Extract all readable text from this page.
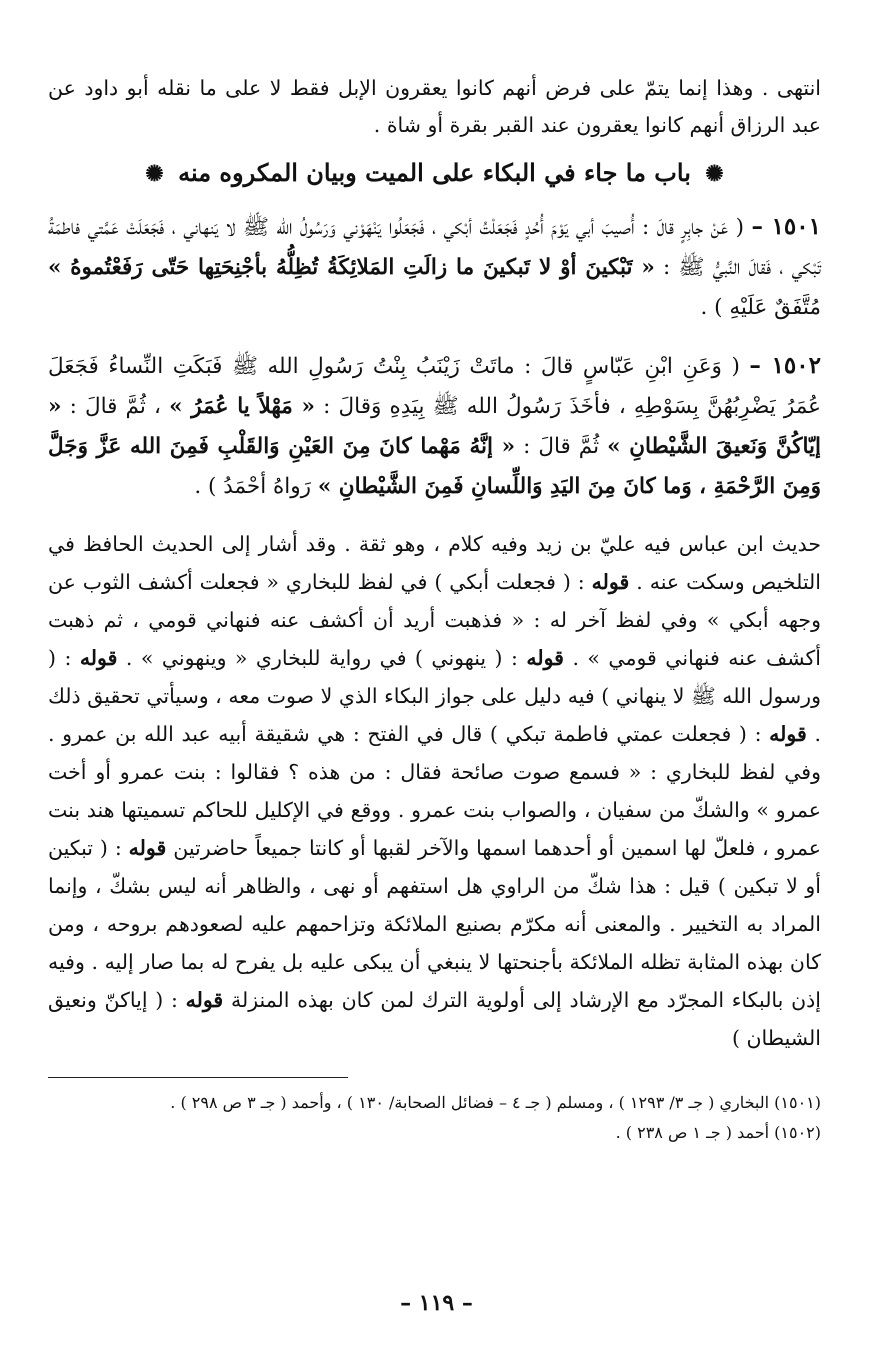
انتهى . وهذا إنما يتمّ على فرض أنهم كانوا يعقرون الإبل فقط لا على ما نقله أبو داود عن عبد الرزاق أنهم كانوا يعقرون عند القبر بقرة أو شاة .

✺ باب ما جاء في البكاء على الميت وبيان المكروه منه ✺

١٥٠١ – ( عَنْ جابِرٍ قالَ : أُصيبَ أبي يَوْمَ أُحُدٍ فَجَعَلْتُ أبْكي ، فَجَعَلُوا يَنْهَوْني وَرَسُولُ الله ﷺ لا يَنهاني ، فَجَعَلَتْ عَمَّتي فاطمَةُ تَبْكي ، فَقالَ النَّبيُّ ﷺ : « تَبْكينَ أوْ لا تَبكينَ ما زالَتِ المَلائِكَةُ تُظِلُّهُ بأجْنِحَتِها حَتّى رَفَعْتُموهُ » مُتَّفَقٌ عَلَيْهِ ) .

١٥٠٢ – ( وَعَنِ ابْنِ عَبّاسٍ قالَ : ماتَتْ زَيْنَبُ بِنْتُ رَسُولِ الله ﷺ فَبَكَتِ النِّساءُ فَجَعَلَ عُمَرُ يَضْرِبُهُنَّ بِسَوْطِهِ ، فأخَذَ رَسُولُ الله ﷺ بِيَدِهِ وَقالَ : « مَهْلاً يا عُمَرُ » ، ثُمَّ قالَ : « إيّاكُنَّ وَنَعيقَ الشَّيْطانِ » ثُمَّ قالَ : « إنَّهُ مَهْما كانَ مِنَ العَيْنِ وَالقَلْبِ فَمِنَ الله عَزَّ وَجَلَّ وَمِنَ الرَّحْمَةِ ، وَما كانَ مِنَ اليَدِ وَاللِّسانِ فَمِنَ الشَّيْطانِ » رَواهُ أحْمَدُ ) .

حديث ابن عباس فيه عليّ بن زيد وفيه كلام ، وهو ثقة . وقد أشار إلى الحديث الحافظ في التلخيص وسكت عنه . قوله : ( فجعلت أبكي ) في لفظ للبخاري « فجعلت أكشف الثوب عن وجهه أبكي » وفي لفظ آخر له : « فذهبت أريد أن أكشف عنه فنهاني قومي ، ثم ذهبت أكشف عنه فنهاني قومي » . قوله : ( ينهوني ) في رواية للبخاري « وينهوني » . قوله : ( ورسول الله ﷺ لا ينهاني ) فيه دليل على جواز البكاء الذي لا صوت معه ، وسيأتي تحقيق ذلك . قوله : ( فجعلت عمتي فاطمة تبكي ) قال في الفتح : هي شقيقة أبيه عبد الله بن عمرو . وفي لفظ للبخاري : « فسمع صوت صائحة فقال : من هذه ؟ فقالوا : بنت عمرو أو أخت عمرو » والشكّ من سفيان ، والصواب بنت عمرو . ووقع في الإكليل للحاكم تسميتها هند بنت عمرو ، فلعلّ لها اسمين أو أحدهما اسمها والآخر لقبها أو كانتا جميعاً حاضرتين قوله : ( تبكين أو لا تبكين ) قيل : هذا شكّ من الراوي هل استفهم أو نهى ، والظاهر أنه ليس بشكّ ، وإنما المراد به التخيير . والمعنى أنه مكرّم بصنيع الملائكة وتزاحمهم عليه لصعودهم بروحه ، ومن كان بهذه المثابة تظله الملائكة بأجنحتها لا ينبغي أن يبكى عليه بل يفرح له بما صار إليه . وفيه إذن بالبكاء المجرّد مع الإرشاد إلى أولوية الترك لمن كان بهذه المنزلة قوله : ( إياكنّ ونعيق الشيطان )

(١٥٠١) البخاري ( جـ ٣/ ١٢٩٣ ) ، ومسلم ( جـ ٤ – فضائل الصحابة/ ١٣٠ ) ، وأحمد ( جـ ٣ ص ٢٩٨ ) .

(١٥٠٢) أحمد ( جـ ١ ص ٢٣٨ ) .

– ١١٩ –
